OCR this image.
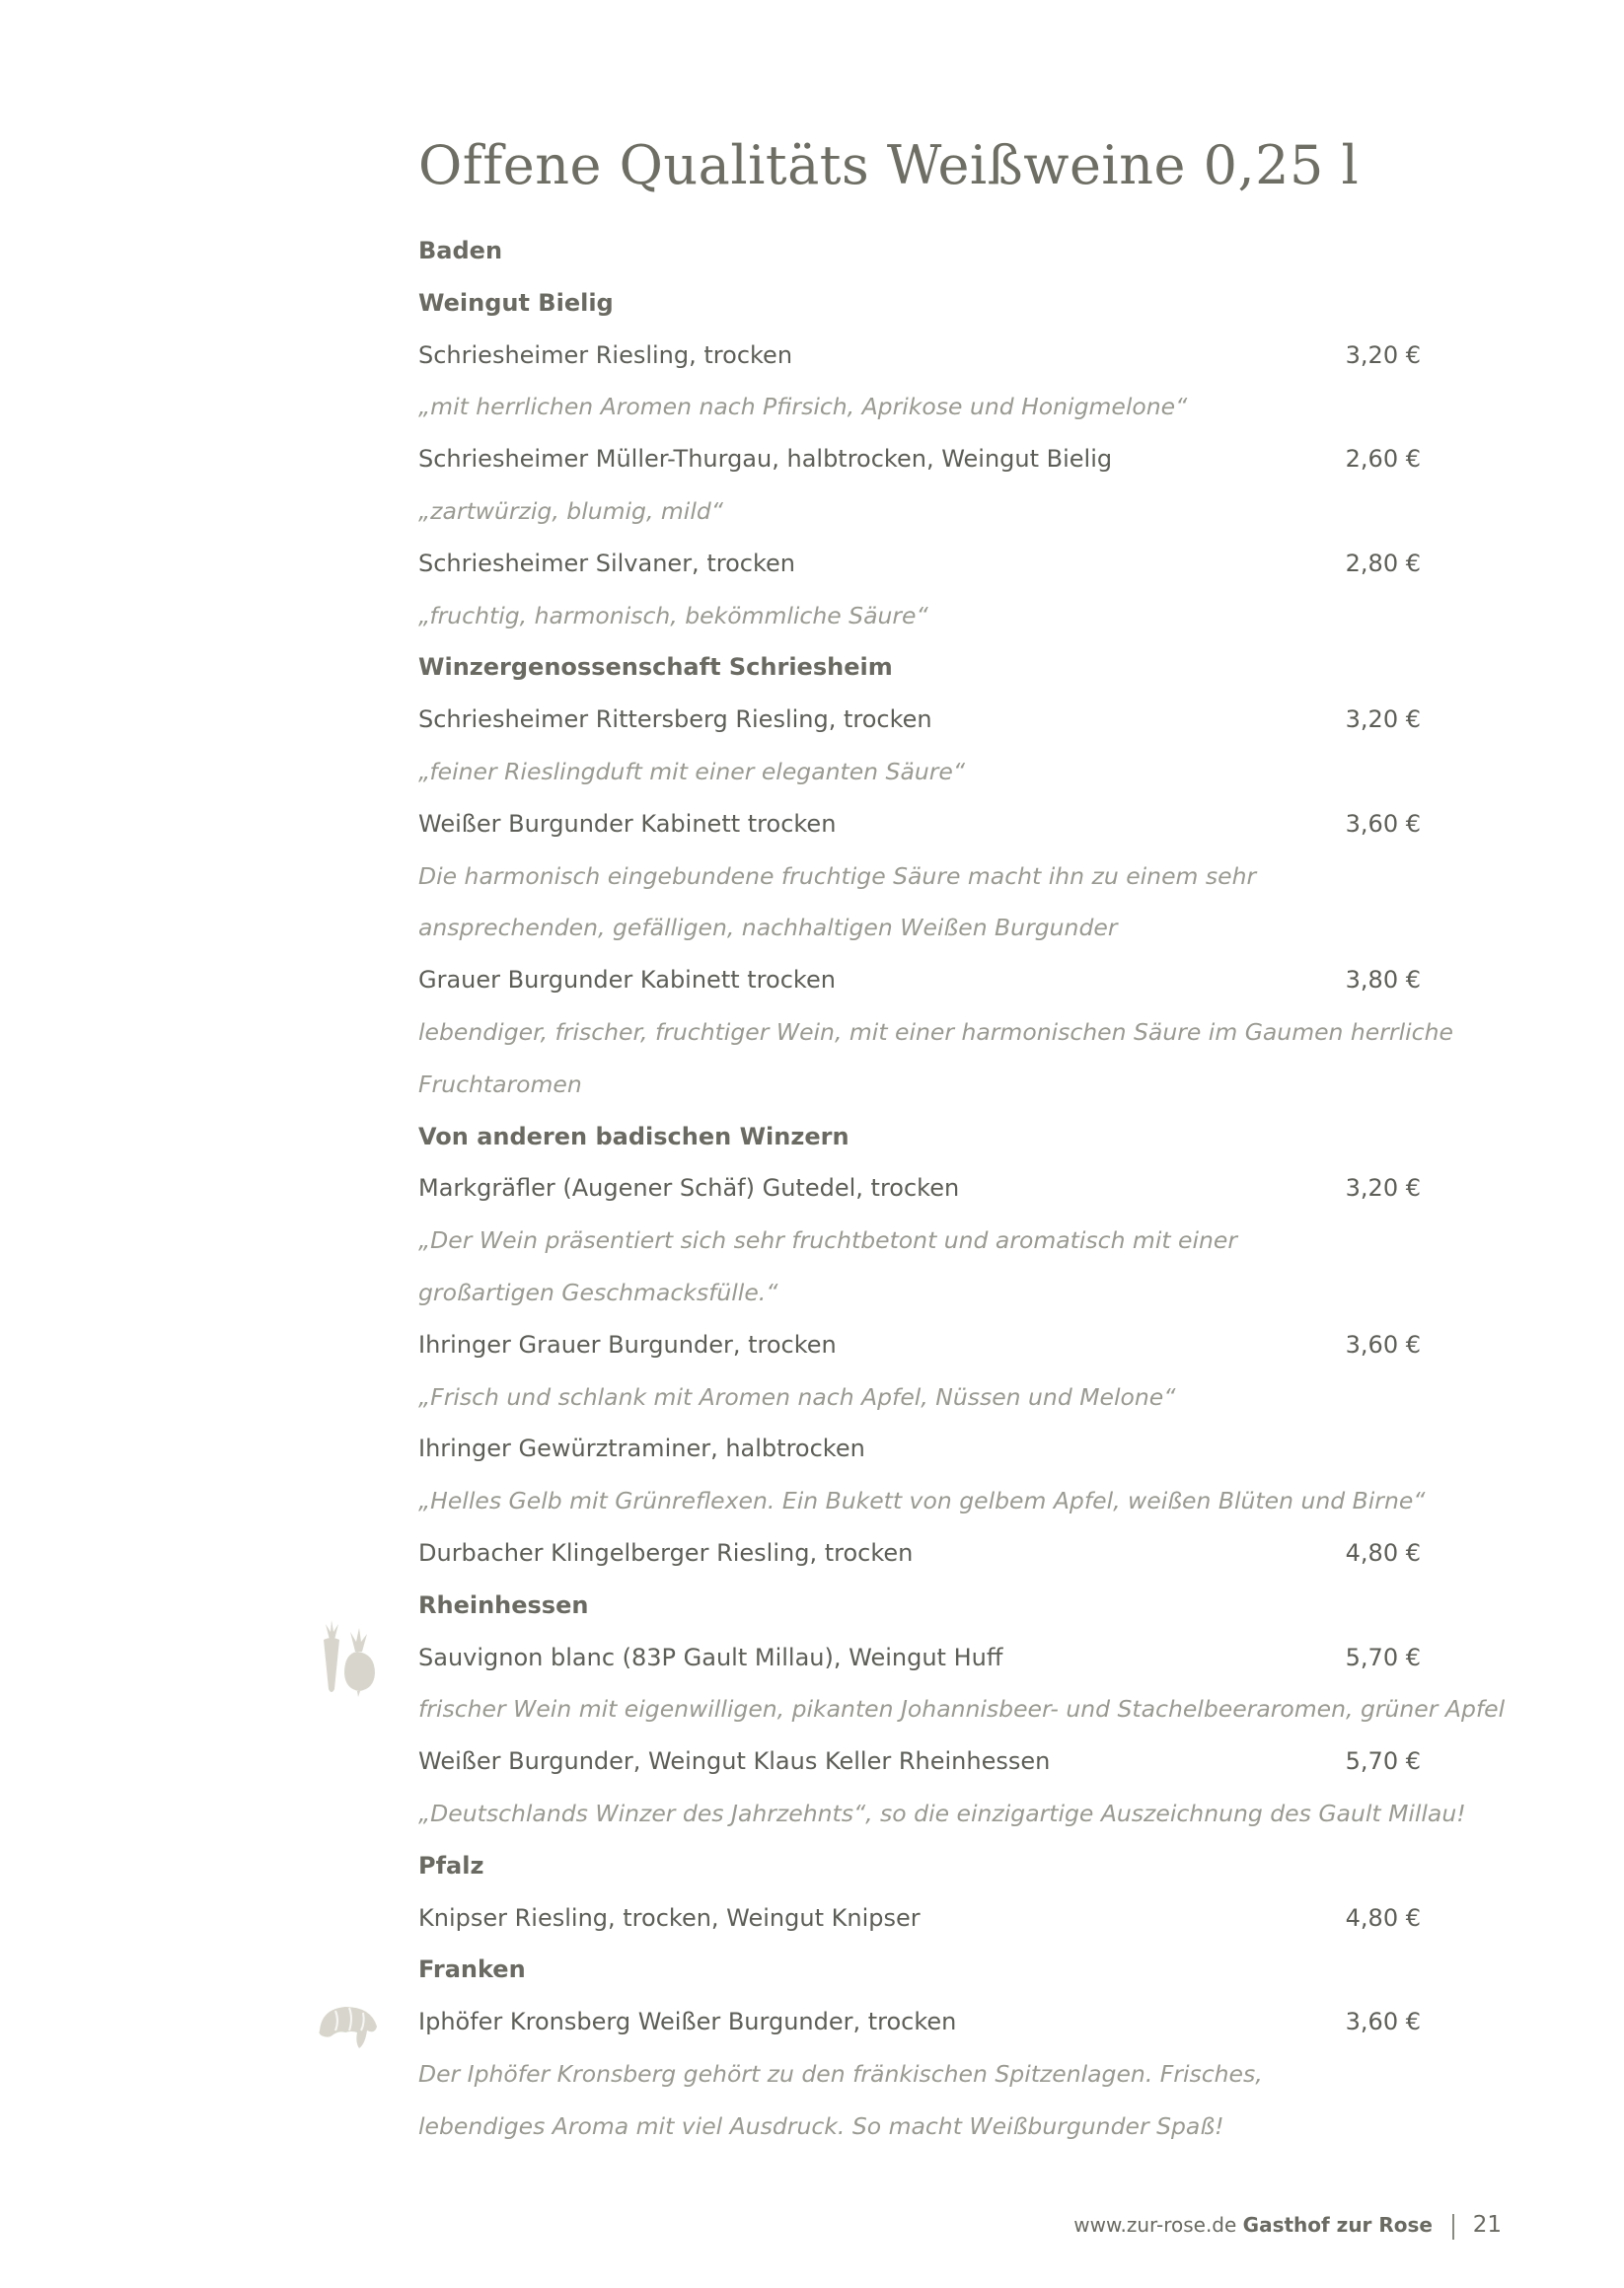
Offene Qualitäts Weißweine 0,25 l
Baden
Weingut Bielig
Schriesheimer Riesling, trocken	3,20 €
„mit herrlichen Aromen nach Pfirsich, Aprikose und Honigmelone“
Schriesheimer Müller-Thurgau, halbtrocken, Weingut Bielig	2,60 €
„zartwürzig, blumig, mild“
Schriesheimer Silvaner, trocken	2,80 €
„fruchtig, harmonisch, bekömmliche Säure“
Winzergenossenschaft Schriesheim
Schriesheimer Rittersberg Riesling, trocken	3,20 €
„feiner Rieslingduft mit einer eleganten Säure“
Weißer Burgunder Kabinett trocken	3,60 €
Die harmonisch eingebundene fruchtige Säure macht ihn zu einem sehr
ansprechenden, gefälligen, nachhaltigen Weißen Burgunder
Grauer Burgunder Kabinett trocken	3,80 €
lebendiger, frischer, fruchtiger Wein, mit einer harmonischen Säure im Gaumen herrliche
Fruchtaromen
Von anderen badischen Winzern
Markgräfler (Augener Schäf) Gutedel, trocken	3,20 €
„Der Wein präsentiert sich sehr fruchtbetont und aromatisch mit einer
großartigen Geschmacksfülle.“
Ihringer Grauer Burgunder, trocken	3,60 €
„Frisch und schlank mit Aromen nach Apfel, Nüssen und Melone“
Ihringer Gewürztraminer, halbtrocken
„Helles Gelb mit Grünreflexen. Ein Bukett von gelbem Apfel, weißen Blüten und Birne“
Durbacher Klingelberger Riesling, trocken	4,80 €
Rheinhessen
Sauvignon blanc (83P Gault Millau), Weingut Huff	5,70 €
frischer Wein mit eigenwilligen, pikanten Johannisbeer- und Stachelbeeraromen, grüner Apfel
Weißer Burgunder, Weingut Klaus Keller Rheinhessen	5,70 €
„Deutschlands Winzer des Jahrzehnts“, so die einzigartige Auszeichnung des Gault Millau!
Pfalz
Knipser Riesling, trocken, Weingut Knipser	4,80 €
Franken
Iphöfer Kronsberg Weißer Burgunder, trocken	3,60 €
Der Iphöfer Kronsberg gehört zu den fränkischen Spitzenlagen. Frisches,
lebendiges Aroma mit viel Ausdruck. So macht Weißburgunder Spaß!
www.zur-rose.de Gasthof zur Rose 21
